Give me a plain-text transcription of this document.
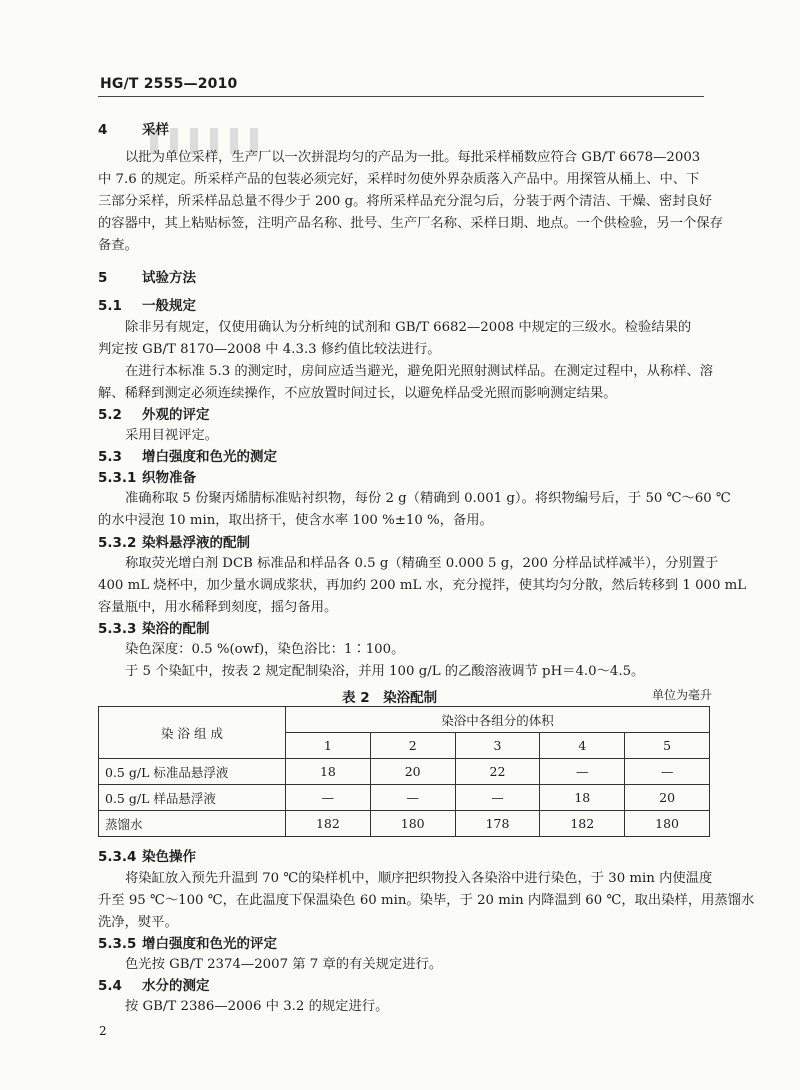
HG/T 2555—2010
4	采样
以批为单位采样，生产厂以一次拼混均匀的产品为一批。每批采样桶数应符合 GB/T 6678—2003
中 7.6 的规定。所采样产品的包装必须完好，采样时勿使外界杂质落入产品中。用探管从桶上、中、下
三部分采样，所采样品总量不得少于 200 g。将所采样品充分混匀后，分装于两个清洁、干燥、密封良好
的容器中，其上粘贴标签，注明产品名称、批号、生产厂名称、采样日期、地点。一个供检验，另一个保存
备查。
5	试验方法
5.1 一般规定
除非另有规定，仅使用确认为分析纯的试剂和 GB/T 6682—2008 中规定的三级水。检验结果的
判定按 GB/T 8170—2008 中 4.3.3 修约值比较法进行。
在进行本标准 5.3 的测定时，房间应适当避光，避免阳光照射测试样品。在测定过程中，从称样、溶
解、稀释到测定必须连续操作，不应放置时间过长，以避免样品受光照而影响测定结果。
5.2 外观的评定
采用目视评定。
5.3 增白强度和色光的测定
5.3.1 织物准备
准确称取 5 份聚丙烯腈标准贴衬织物，每份 2 g（精确到 0.001 g）。将织物编号后，于 50 ℃～60 ℃
的水中浸泡 10 min，取出挤干，使含水率 100 %±10 %，备用。
5.3.2 染料悬浮液的配制
称取荧光增白剂 DCB 标准品和样品各 0.5 g（精确至 0.000 5 g，200 分样品试样减半），分别置于
400 mL 烧杯中，加少量水调成浆状，再加约 200 mL 水，充分搅拌，使其均匀分散，然后转移到 1 000 mL
容量瓶中，用水稀释到刻度，摇匀备用。
5.3.3 染浴的配制
染色深度：0.5 %(owf)，染色浴比：1∶100。
于 5 个染缸中，按表 2 规定配制染浴，并用 100 g/L 的乙酸溶液调节 pH＝4.0～4.5。
表 2　染浴配制	单位为毫升
染 浴 组 成	染浴中各组分的体积				
	1	2	3	4	5
0.5 g/L 标准品悬浮液	18	20	22	—	—
0.5 g/L 样品悬浮液	—	—	—	18	20
蒸馏水	182	180	178	182	180
5.3.4 染色操作
将染缸放入预先升温到 70 ℃的染样机中，顺序把织物投入各染浴中进行染色，于 30 min 内使温度
升至 95 ℃～100 ℃，在此温度下保温染色 60 min。染毕，于 20 min 内降温到 60 ℃，取出染样，用蒸馏水
洗净，熨平。
5.3.5 增白强度和色光的评定
色光按 GB/T 2374—2007 第 7 章的有关规定进行。
5.4 水分的测定
按 GB/T 2386—2006 中 3.2 的规定进行。
2
